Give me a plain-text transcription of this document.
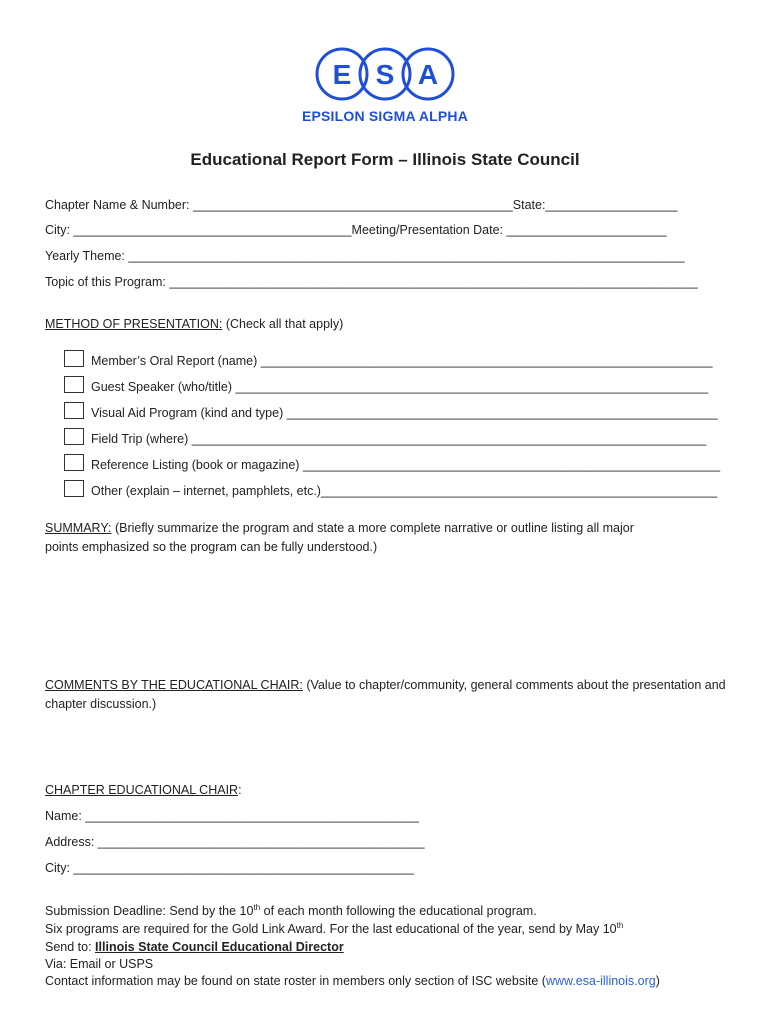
E S A
EPSILON SIGMA ALPHA
Educational Report Form – Illinois State Council
Chapter Name & Number: ______________________________________________State:___________________
City: ________________________________________Meeting/Presentation Date: _______________________
Yearly Theme: ________________________________________________________________________________
Topic of this Program: ____________________________________________________________________________
METHOD OF PRESENTATION: (Check all that apply)
Member’s Oral Report (name) _________________________________________________________________
Guest Speaker (who/title) ____________________________________________________________________
Visual Aid Program (kind and type) ______________________________________________________________
Field Trip (where) __________________________________________________________________________
Reference Listing (book or magazine) ____________________________________________________________
Other (explain – internet, pamphlets, etc.)_________________________________________________________
SUMMARY: (Briefly summarize the program and state a more complete narrative or outline listing all major
points emphasized so the program can be fully understood.)
COMMENTS BY THE EDUCATIONAL CHAIR: (Value to chapter/community, general comments about the presentation and
chapter discussion.)
CHAPTER EDUCATIONAL CHAIR:
Name: ________________________________________________
Address: _______________________________________________
City: _________________________________________________
Submission Deadline: Send by the 10th of each month following the educational program.
Six programs are required for the Gold Link Award. For the last educational of the year, send by May 10th
Send to: Illinois State Council Educational Director
Via: Email or USPS
Contact information may be found on state roster in members only section of ISC website (www.esa-illinois.org)
